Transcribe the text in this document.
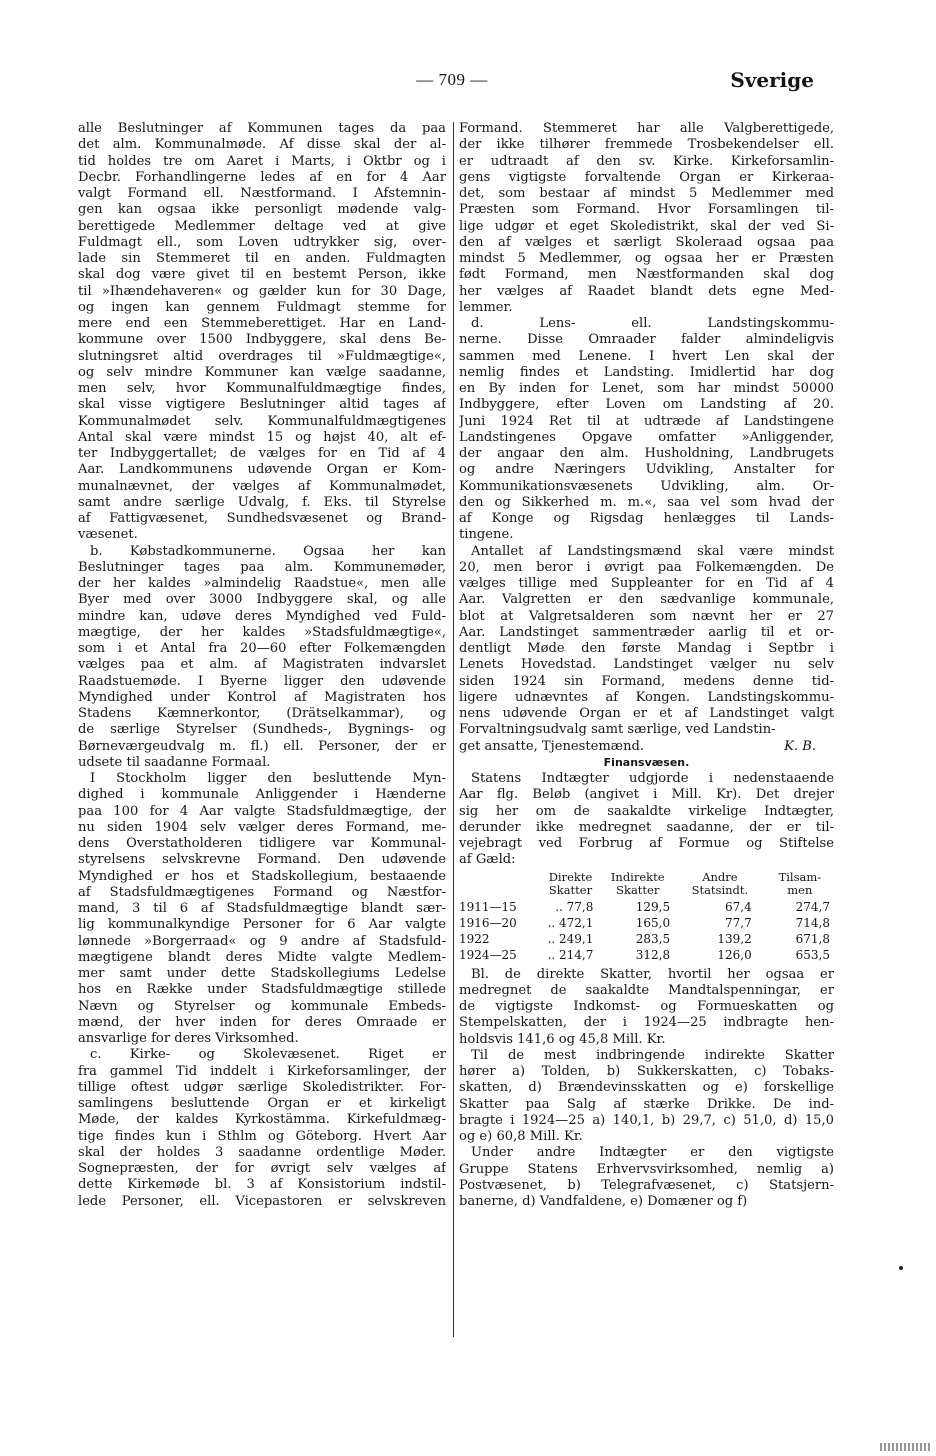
— 709 —	Sverige
alle Beslutninger af Kommunen tages da paa
det alm. Kommunalmøde. Af disse skal der al-
tid holdes tre om Aaret i Marts, i Oktbr og i
Decbr. Forhandlingerne ledes af en for 4 Aar
valgt Formand ell. Næstformand. I Afstemnin-
gen kan ogsaa ikke personligt mødende valg-
berettigede Medlemmer deltage ved at give
Fuldmagt ell., som Loven udtrykker sig, over-
lade sin Stemmeret til en anden. Fuldmagten
skal dog være givet til en bestemt Person, ikke
til »Ihændehaveren« og gælder kun for 30 Dage,
og ingen kan gennem Fuldmagt stemme for
mere end een Stemmeberettiget. Har en Land-
kommune over 1500 Indbyggere, skal dens Be-
slutningsret altid overdrages til »Fuldmægtige«,
og selv mindre Kommuner kan vælge saadanne,
men selv, hvor Kommunalfuldmægtige findes,
skal visse vigtigere Beslutninger altid tages af
Kommunalmødet selv. Kommunalfuldmægtigenes
Antal skal være mindst 15 og højst 40, alt ef-
ter Indbyggertallet; de vælges for en Tid af 4
Aar. Landkommunens udøvende Organ er Kom-
munalnævnet, der vælges af Kommunalmødet,
samt andre særlige Udvalg, f. Eks. til Styrelse
af Fattigvæsenet, Sundhedsvæsenet og Brand-
væsenet.
b. Købstadkommunerne. Ogsaa her kan
Beslutninger tages paa alm. Kommunemøder,
der her kaldes »almindelig Raadstue«, men alle
Byer med over 3000 Indbyggere skal, og alle
mindre kan, udøve deres Myndighed ved Fuld-
mægtige, der her kaldes »Stadsfuldmægtige«,
som i et Antal fra 20—60 efter Folkemængden
vælges paa et alm. af Magistraten indvarslet
Raadstuemøde. I Byerne ligger den udøvende
Myndighed under Kontrol af Magistraten hos
Stadens Kæmnerkontor, (Drätselkammar), og
de særlige Styrelser (Sundheds-, Bygnings- og
Børneværgeudvalg m. fl.) ell. Personer, der er
udsete til saadanne Formaal.
I Stockholm ligger den besluttende Myn-
dighed i kommunale Anliggender i Hænderne
paa 100 for 4 Aar valgte Stadsfuldmægtige, der
nu siden 1904 selv vælger deres Formand, me-
dens Overstatholderen tidligere var Kommunal-
styrelsens selvskrevne Formand. Den udøvende
Myndighed er hos et Stadskollegium, bestaaende
af Stadsfuldmægtigenes Formand og Næstfor-
mand, 3 til 6 af Stadsfuldmægtige blandt sær-
lig kommunalkyndige Personer for 6 Aar valgte
lønnede »Borgerraad« og 9 andre af Stadsfuld-
mægtigene blandt deres Midte valgte Medlem-
mer samt under dette Stadskollegiums Ledelse
hos en Række under Stadsfuldmægtige stillede
Nævn og Styrelser og kommunale Embeds-
mænd, der hver inden for deres Omraade er
ansvarlige for deres Virksomhed.
c. Kirke- og Skolevæsenet. Riget er
fra gammel Tid inddelt i Kirkeforsamlinger, der
tillige oftest udgør særlige Skoledistrikter. For-
samlingens besluttende Organ er et kirkeligt
Møde, der kaldes Kyrkostämma. Kirkefuldmæg-
tige findes kun i Sthlm og Göteborg. Hvert Aar
skal der holdes 3 saadanne ordentlige Møder.
Sognepræsten, der for øvrigt selv vælges af
dette Kirkemøde bl. 3 af Konsistorium indstil-
lede Personer, ell. Vicepastoren er selvskreven
Formand. Stemmeret har alle Valgberettigede,
der ikke tilhører fremmede Trosbekendelser ell.
er udtraadt af den sv. Kirke. Kirkeforsamlin-
gens vigtigste forvaltende Organ er Kirkeraa-
det, som bestaar af mindst 5 Medlemmer med
Præsten som Formand. Hvor Forsamlingen til-
lige udgør et eget Skoledistrikt, skal der ved Si-
den af vælges et særligt Skoleraad ogsaa paa
mindst 5 Medlemmer, og ogsaa her er Præsten
født Formand, men Næstformanden skal dog
her vælges af Raadet blandt dets egne Med-
lemmer.
d. Lens- ell. Landstingskommu-
nerne. Disse Omraader falder almindeligvis
sammen med Lenene. I hvert Len skal der
nemlig findes et Landsting. Imidlertid har dog
en By inden for Lenet, som har mindst 50000
Indbyggere, efter Loven om Landsting af 20.
Juni 1924 Ret til at udtræde af Landstingene
Landstingenes Opgave omfatter »Anliggender,
der angaar den alm. Husholdning, Landbrugets
og andre Næringers Udvikling, Anstalter for
Kommunikationsvæsenets Udvikling, alm. Or-
den og Sikkerhed m. m.«, saa vel som hvad der
af Konge og Rigsdag henlægges til Lands-
tingene.
Antallet af Landstingsmænd skal være mindst
20, men beror i øvrigt paa Folkemængden. De
vælges tillige med Suppleanter for en Tid af 4
Aar. Valgretten er den sædvanlige kommunale,
blot at Valgretsalderen som nævnt her er 27
Aar. Landstinget sammentræder aarlig til et or-
dentligt Møde den første Mandag i Septbr i
Lenets Hovedstad. Landstinget vælger nu selv
siden 1924 sin Formand, medens denne tid-
ligere udnævntes af Kongen. Landstingskommu-
nens udøvende Organ er et af Landstinget valgt
Forvaltningsudvalg samt særlige, ved Landstin-
get ansatte, Tjenestemænd.	K. B.
Finansvæsen.
Statens Indtægter udgjorde i nedenstaaende
Aar flg. Beløb (angivet i Mill. Kr). Det drejer
sig her om de saakaldte virkelige Indtægter,
derunder ikke medregnet saadanne, der er til-
vejebragt ved Forbrug af Formue og Stiftelse
af Gæld:
	Direkte Skatter	Indirekte Skatter	Andre Statsindt.	Tilsam- men
1911—15	.. 77,8	129,5	67,4	274,7
1916—20	.. 472,1	165,0	77,7	714,8
1922	.. 249,1	283,5	139,2	671,8
1924—25	.. 214,7	312,8	126,0	653,5
Bl. de direkte Skatter, hvortil her ogsaa er
medregnet de saakaldte Mandtalspenningar, er
de vigtigste Indkomst- og Formueskatten og
Stempelskatten, der i 1924—25 indbragte hen-
holdsvis 141,6 og 45,8 Mill. Kr.
Til de mest indbringende indirekte Skatter
hører a) Tolden, b) Sukkerskatten, c) Tobaks-
skatten, d) Brændevinsskatten og e) forskellige
Skatter paa Salg af stærke Drikke. De ind-
bragte i 1924—25 a) 140,1, b) 29,7, c) 51,0, d) 15,0
og e) 60,8 Mill. Kr.
Under andre Indtægter er den vigtigste
Gruppe Statens Erhvervsvirksomhed, nemlig a)
Postvæsenet, b) Telegrafvæsenet, c) Statsjern-
banerne, d) Vandfaldene, e) Domæner og f)
